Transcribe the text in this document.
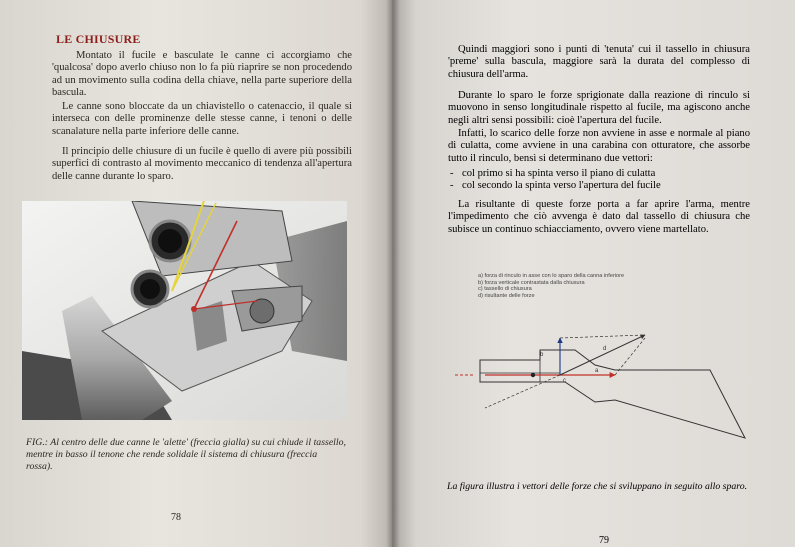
LE CHIUSURE

Montato il fucile e basculate le canne ci accorgiamo che 'qualcosa' dopo averlo chiuso non lo fa più riaprire se non procedendo ad un movimento sulla codina della chiave, nella parte superiore della bascula.

Le canne sono bloccate da un chiavistello o catenaccio, il quale si interseca con delle prominenze delle stesse canne, i tenoni o delle scanalature nella parte inferiore delle canne.

Il principio delle chiusure di un fucile è quello di avere più possibili superfici di contrasto al movimento meccanico di tendenza all'apertura delle canne durante lo sparo.

FIG.: Al centro delle due canne le 'alette' (freccia gialla) su cui chiude il tassello, mentre in basso il tenone che rende solidale il sistema di chiusura (freccia rossa).
78

Quindi maggiori sono i punti di 'tenuta' cui il tassello in chiusura 'preme' sulla bascula, maggiore sarà la durata del complesso di chiusura dell'arma.

Durante lo sparo le forze sprigionate dalla reazione di rinculo si muovono in senso longitudinale rispetto al fucile, ma agiscono anche negli altri sensi possibili: cioè l'apertura del fucile.

Infatti, lo scarico delle forze non avviene in asse e normale al piano di culatta, come avviene in una carabina con otturatore, che assorbe tutto il rinculo, bensì si determinano due vettori:

- col primo si ha spinta verso il piano di culatta
- col secondo la spinta verso l'apertura del fucile

La risultante di queste forze porta a far aprire l'arma, mentre l'impedimento che ciò avvenga è dato dal tassello di chiusura che subisce un continuo schiacciamento, ovvero viene martellato.

a) forza di rinculo in asse con lo sparo della canna inferiore
b) forza verticale contrastata dalla chiusura
c) tassello di chiusura
d) risultante delle forze
b
a
c
d
La figura illustra i vettori delle forze che si sviluppano in seguito allo sparo.
79
